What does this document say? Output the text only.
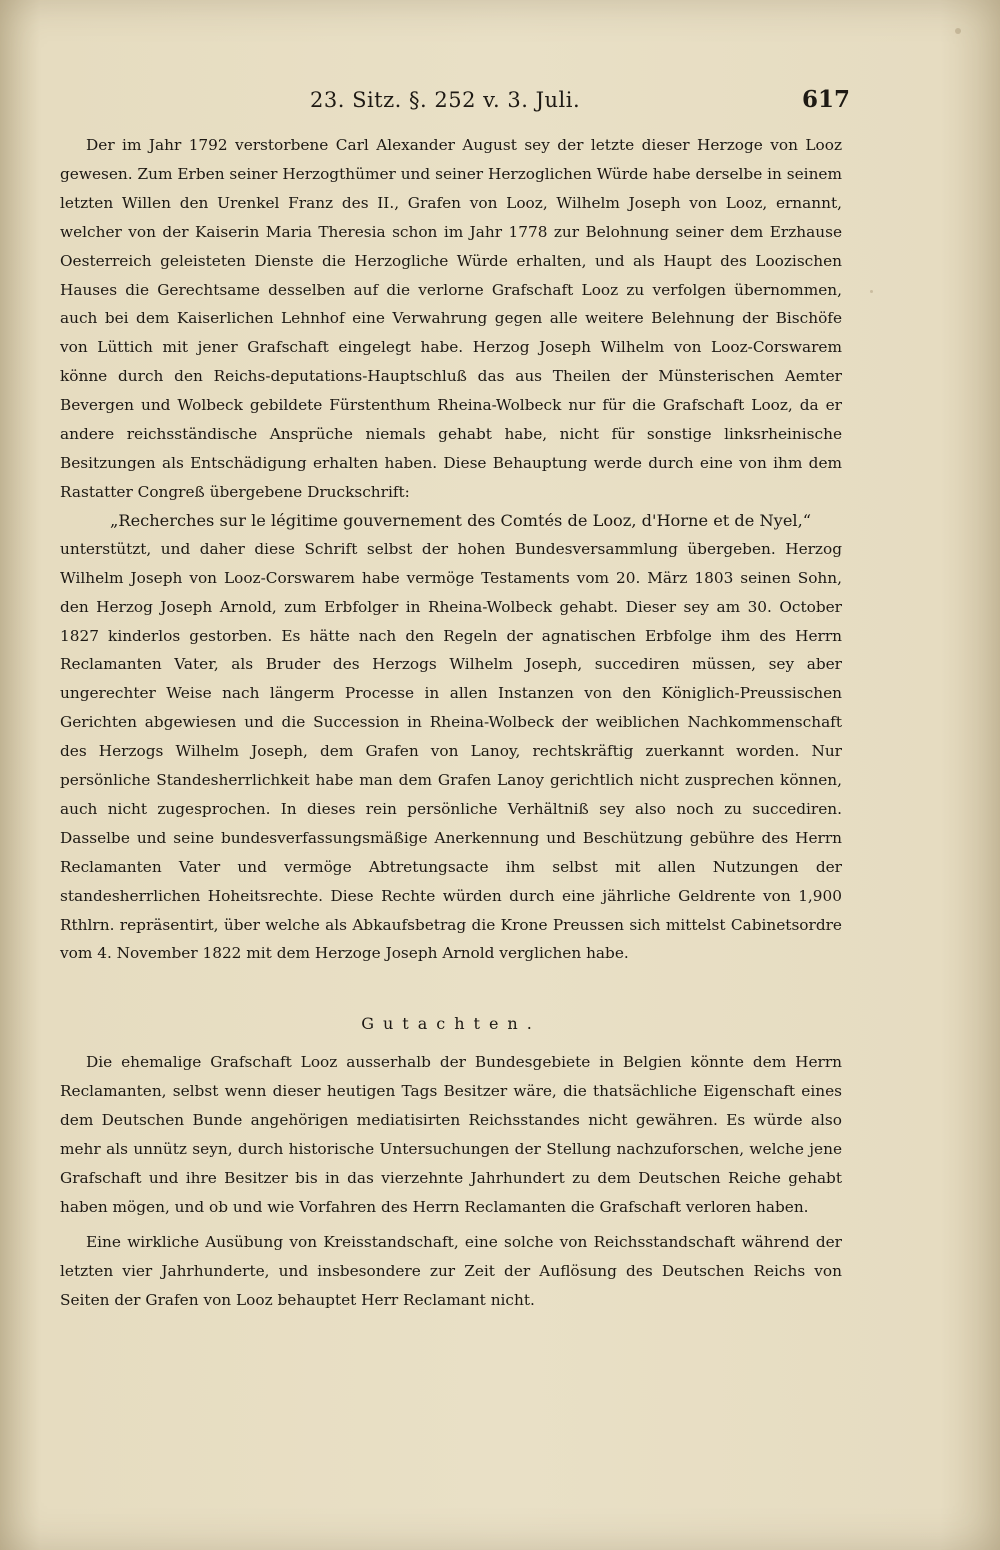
23. Sitz. §. 252 v. 3. Juli.	617

Der im Jahr 1792 verstorbene Carl Alexander August sey der letzte dieser Herzoge von Looz gewesen. Zum Erben seiner Herzogthümer und seiner Herzoglichen Würde habe derselbe in seinem letzten Willen den Urenkel Franz des II., Grafen von Looz, Wilhelm Joseph von Looz, ernannt, welcher von der Kaiserin Maria Theresia schon im Jahr 1778 zur Belohnung seiner dem Erzhause Oesterreich geleisteten Dienste die Herzogliche Würde erhalten, und als Haupt des Loozischen Hauses die Gerechtsame desselben auf die verlorne Grafschaft Looz zu verfolgen übernommen, auch bei dem Kaiserlichen Lehnhof eine Verwahrung gegen alle weitere Belehnung der Bischöfe von Lüttich mit jener Grafschaft eingelegt habe. Herzog Joseph Wilhelm von Looz-Corswarem könne durch den Reichs-deputations-Hauptschluß das aus Theilen der Münsterischen Aemter Bevergen und Wolbeck gebildete Fürstenthum Rheina-Wolbeck nur für die Grafschaft Looz, da er andere reichsständische Ansprüche niemals gehabt habe, nicht für sonstige linksrheinische Besitzungen als Entschädigung erhalten haben. Diese Behauptung werde durch eine von ihm dem Rastatter Congreß übergebene Druckschrift:

„Recherches sur le légitime gouvernement des Comtés de Looz, d'Horne et de Nyel,“

unterstützt, und daher diese Schrift selbst der hohen Bundesversammlung übergeben. Herzog Wilhelm Joseph von Looz-Corswarem habe vermöge Testaments vom 20. März 1803 seinen Sohn, den Herzog Joseph Arnold, zum Erbfolger in Rheina-Wolbeck gehabt. Dieser sey am 30. October 1827 kinderlos gestorben. Es hätte nach den Regeln der agnatischen Erbfolge ihm des Herrn Reclamanten Vater, als Bruder des Herzogs Wilhelm Joseph, succediren müssen, sey aber ungerechter Weise nach längerm Processe in allen Instanzen von den Königlich-Preussischen Gerichten abgewiesen und die Succession in Rheina-Wolbeck der weiblichen Nachkommenschaft des Herzogs Wilhelm Joseph, dem Grafen von Lanoy, rechtskräftig zuerkannt worden. Nur persönliche Standesherrlichkeit habe man dem Grafen Lanoy gerichtlich nicht zusprechen können, auch nicht zugesprochen. In dieses rein persönliche Verhältniß sey also noch zu succediren. Dasselbe und seine bundesverfassungsmäßige Anerkennung und Beschützung gebühre des Herrn Reclamanten Vater und vermöge Abtretungsacte ihm selbst mit allen Nutzungen der standesherrlichen Hoheitsrechte. Diese Rechte würden durch eine jährliche Geldrente von 1,900 Rthlrn. repräsentirt, über welche als Abkaufsbetrag die Krone Preussen sich mittelst Cabinetsordre vom 4. November 1822 mit dem Herzoge Joseph Arnold verglichen habe.

Gutachten.

Die ehemalige Grafschaft Looz ausserhalb der Bundesgebiete in Belgien könnte dem Herrn Reclamanten, selbst wenn dieser heutigen Tags Besitzer wäre, die thatsächliche Eigenschaft eines dem Deutschen Bunde angehörigen mediatisirten Reichsstandes nicht gewähren. Es würde also mehr als unnütz seyn, durch historische Untersuchungen der Stellung nachzuforschen, welche jene Grafschaft und ihre Besitzer bis in das vierzehnte Jahrhundert zu dem Deutschen Reiche gehabt haben mögen, und ob und wie Vorfahren des Herrn Reclamanten die Grafschaft verloren haben.

Eine wirkliche Ausübung von Kreisstandschaft, eine solche von Reichsstandschaft während der letzten vier Jahrhunderte, und insbesondere zur Zeit der Auflösung des Deutschen Reichs von Seiten der Grafen von Looz behauptet Herr Reclamant nicht.
